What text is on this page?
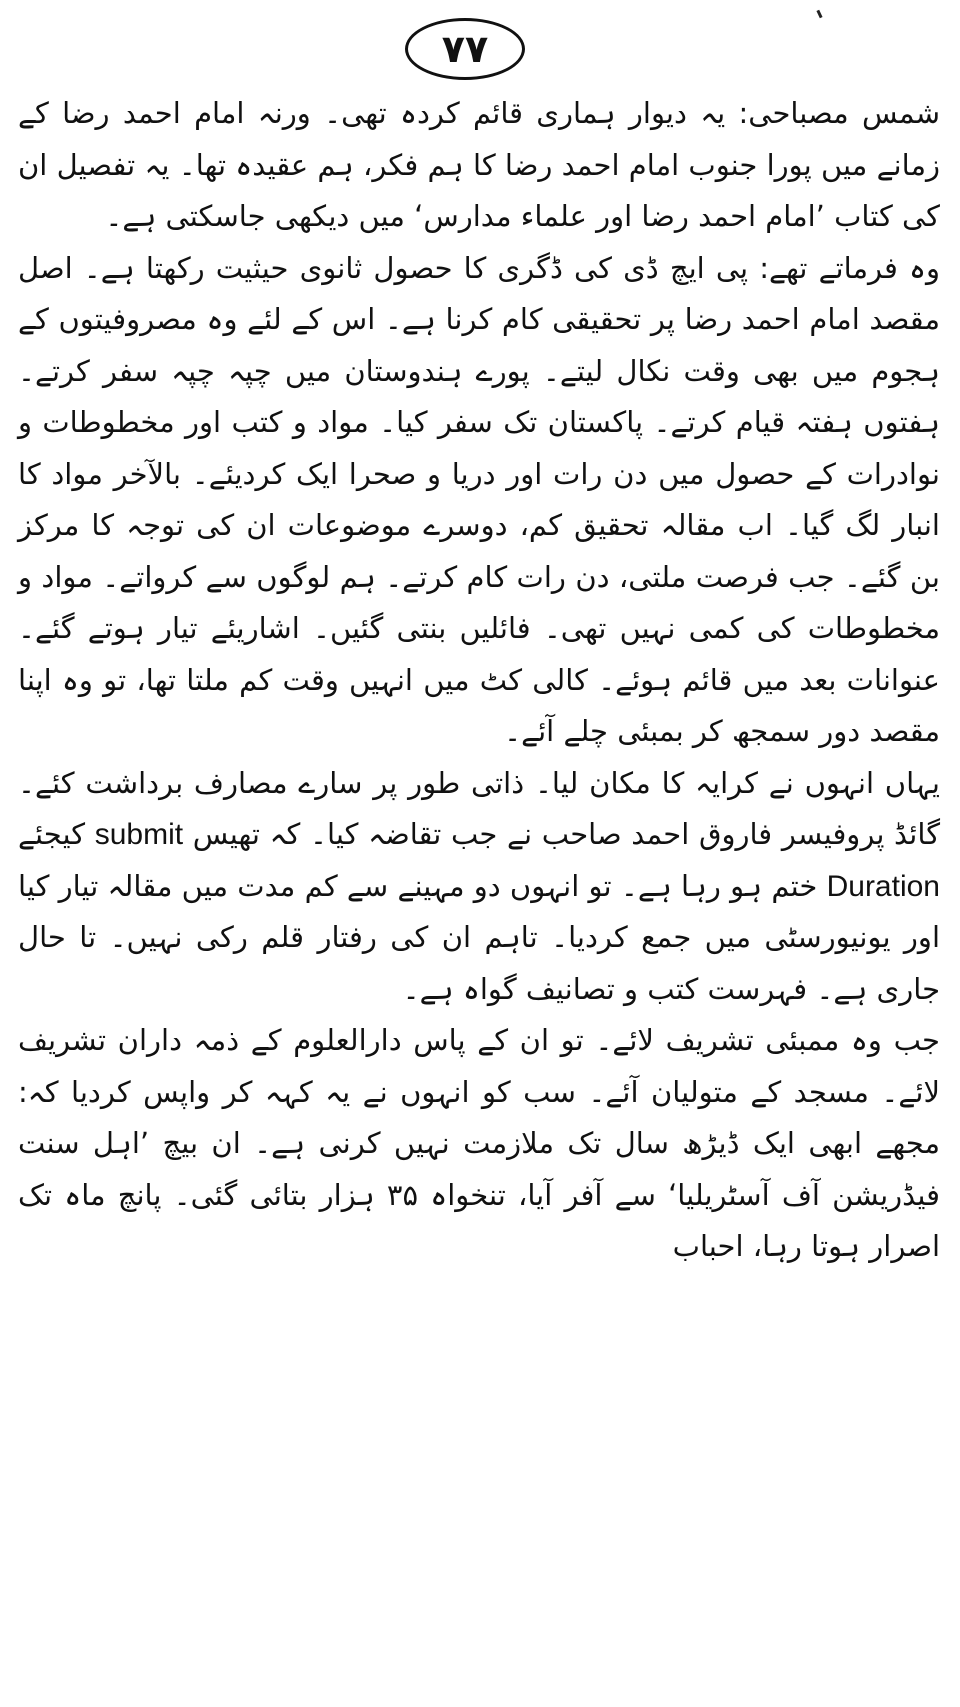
۷۷

شمس مصباحی: یہ دیوار ہماری قائم کردہ تھی۔ ورنہ امام احمد رضا کے زمانے میں پورا جنوب امام احمد رضا کا ہم فکر، ہم عقیدہ تھا۔ یہ تفصیل ان کی کتاب ’امام احمد رضا اور علماء مدارس‘ میں دیکھی جاسکتی ہے۔

وہ فرماتے تھے: پی ایچ ڈی کی ڈگری کا حصول ثانوی حیثیت رکھتا ہے۔ اصل مقصد امام احمد رضا پر تحقیقی کام کرنا ہے۔ اس کے لئے وہ مصروفیتوں کے ہجوم میں بھی وقت نکال لیتے۔ پورے ہندوستان میں چپہ چپہ سفر کرتے۔ ہفتوں ہفتہ قیام کرتے۔ پاکستان تک سفر کیا۔ مواد و کتب اور مخطوطات و نوادرات کے حصول میں دن رات اور دریا و صحرا ایک کردیئے۔ بالآخر مواد کا انبار لگ گیا۔ اب مقالہ تحقیق کم، دوسرے موضوعات ان کی توجہ کا مرکز بن گئے۔ جب فرصت ملتی، دن رات کام کرتے۔ ہم لوگوں سے کرواتے۔ مواد و مخطوطات کی کمی نہیں تھی۔ فائلیں بنتی گئیں۔ اشاریئے تیار ہوتے گئے۔ عنوانات بعد میں قائم ہوئے۔ کالی کٹ میں انہیں وقت کم ملتا تھا، تو وہ اپنا مقصد دور سمجھ کر بمبئی چلے آئے۔

یہاں انہوں نے کرایہ کا مکان لیا۔ ذاتی طور پر سارے مصارف برداشت کئے۔ گائڈ پروفیسر فاروق احمد صاحب نے جب تقاضہ کیا۔ کہ تھیس submit کیجئے Duration ختم ہو رہا ہے۔ تو انہوں دو مہینے سے کم مدت میں مقالہ تیار کیا اور یونیورسٹی میں جمع کردیا۔ تاہم ان کی رفتار قلم رکی نہیں۔ تا حال جاری ہے۔ فہرست کتب و تصانیف گواہ ہے۔

جب وہ ممبئی تشریف لائے۔ تو ان کے پاس دارالعلوم کے ذمہ داران تشریف لائے۔ مسجد کے متولیان آئے۔ سب کو انہوں نے یہ کہہ کر واپس کردیا کہ: مجھے ابھی ایک ڈیڑھ سال تک ملازمت نہیں کرنی ہے۔ ان بیچ ’اہل سنت فیڈریشن آف آسٹریلیا‘ سے آفر آیا، تنخواہ ۳۵ ہزار بتائی گئی۔ پانچ ماہ تک اصرار ہوتا رہا، احباب
